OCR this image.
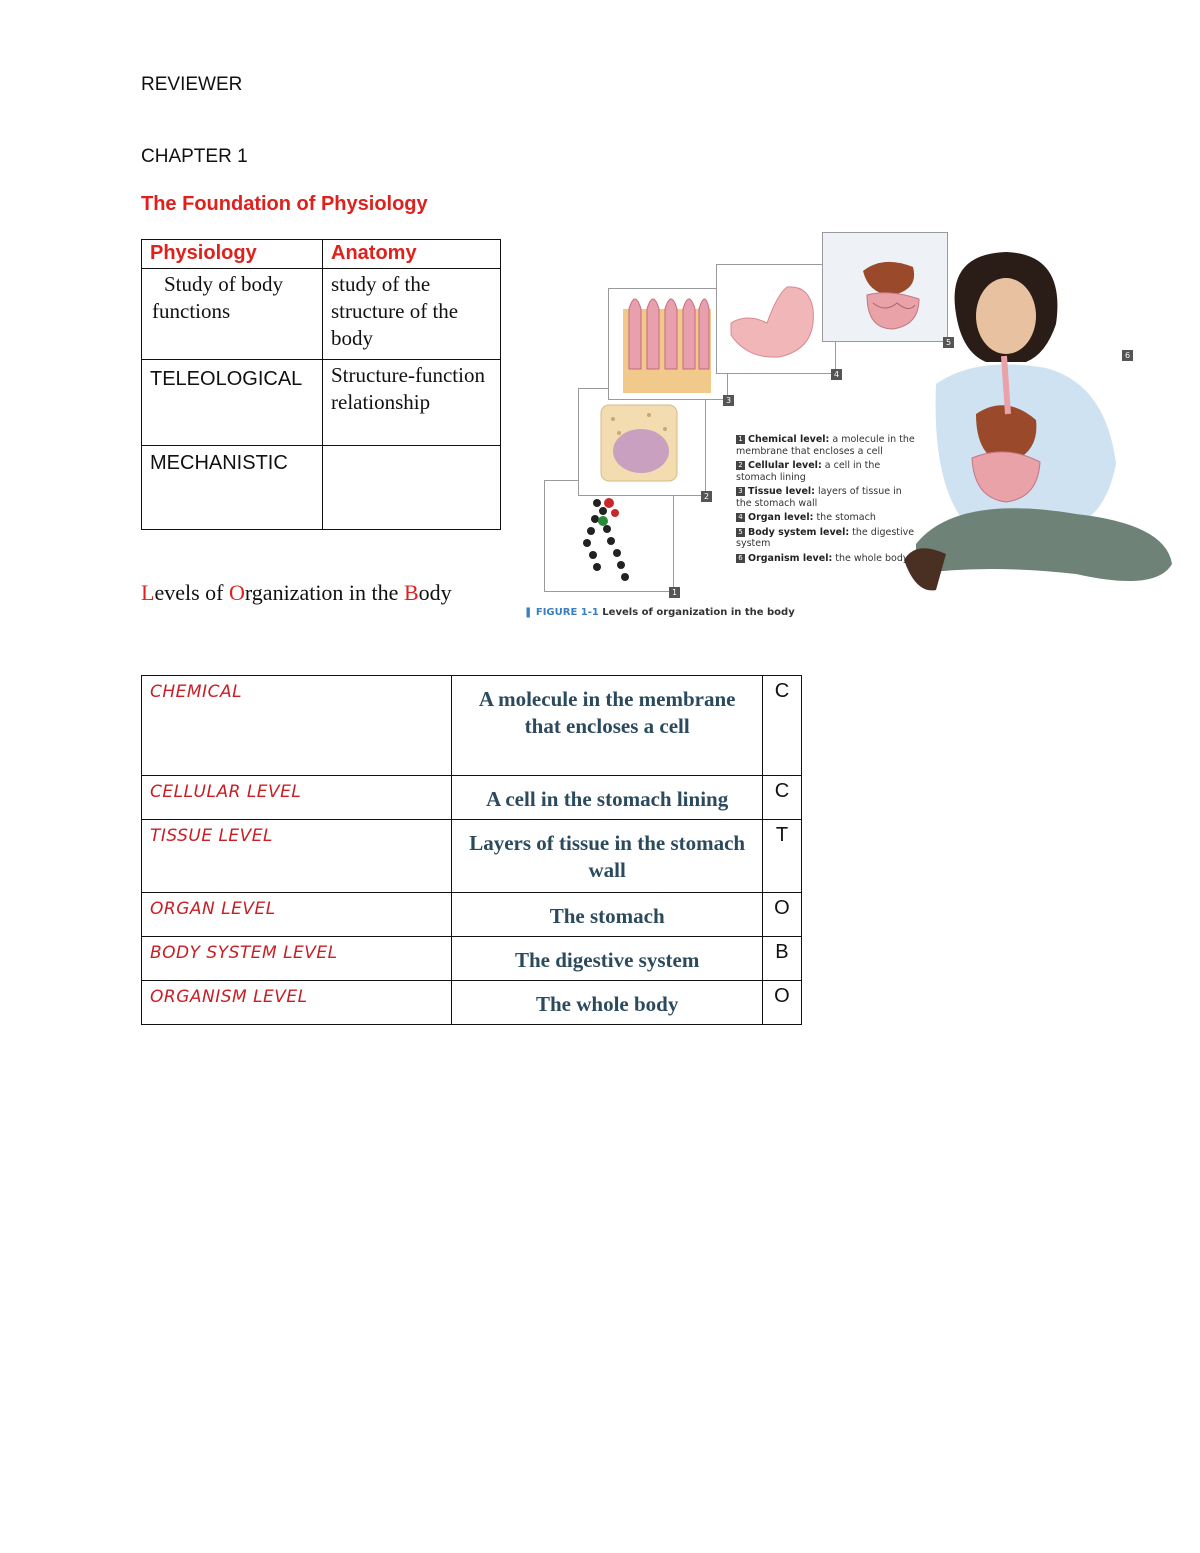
REVIEWER
CHAPTER 1
The Foundation of Physiology
Physiology	Anatomy
Study of body functions	study of the structure of the body
TELEOLOGICAL	Structure-function relationship
MECHANISTIC	
Levels of Organization in the Body	1
2
3
4
5
6
1 Chemical level: a molecule in the membrane that encloses a cell
2 Cellular level: a cell in the stomach lining
3 Tissue level: layers of tissue in the stomach wall
4 Organ level: the stomach
5 Body system level: the digestive system
6 Organism level: the whole body
❚ FIGURE 1-1 Levels of organization in the body
CHEMICAL	A molecule in the membrane that encloses a cell	C
CELLULAR LEVEL	A cell in the stomach lining	C
TISSUE LEVEL	Layers of tissue in the stomach wall	T
ORGAN LEVEL	The stomach	O
BODY SYSTEM LEVEL	The digestive system	B
ORGANISM LEVEL	The whole body	O
